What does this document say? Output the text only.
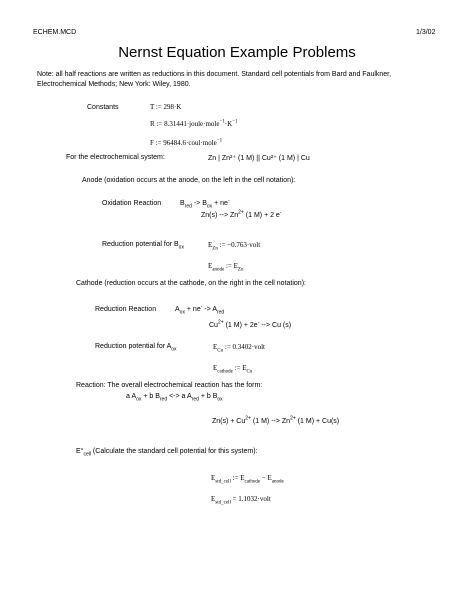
ECHEM.MCD	1/3/02
Nernst Equation Example Problems
Note: all half reactions are written as reductions in this document. Standard cell potentials from Bard and Faulkner, Electrochemical Methods; New York: Wiley, 1980.
Constants	T := 298·K
R := $8.31441\cdot joule\cdot mole^{-1}\cdot K^{-1}$
F := 96484.6·coul·mole$^{-1}$
For the electrochemical system:	Zn | Zn²⁺ (1 M) || Cu²⁺ (1 M) | Cu
Anode (oxidation occurs at the anode, on the left in the cell notation):
Oxidation Reaction	$B_{red} -> B_{ox} + ne^-$
Zn(s) --> $Zn^{2+}$ (1 M) + 2 e-
Reduction potential for $B_{ox}$	$E_{Zn}$ := −0.763·volt
$E_{anode}$ := $E_{Zn}$
Cathode (reduction occurs at the cathode, on the right in the cell notation):
Reduction Reaction	$A_{ox} + ne^- -> A_{red}$
$Cu^{2+}$ (1 M) + 2e- --> Cu (s)
Reduction potential for $A_{ox}$	$E_{Cu}$ := 0.3402·volt
$E_{cathode}$ := $E_{Cu}$
Reaction: The overall electrochemical reaction has the form:
a $A_{ox} + b$ $B_{red}$ <-> a $A_{red} + b$ $B_{ox}$
$Zn(s) + Cu^{2+}$ (1 M) --> $Zn^{2+}$ (1 M) + Cu(s)
$E^\circ_{cell}$ (Calculate the standard cell potential for this system):
$E_{std\_cell}$ := $E_{cathode} - E_{anode}$
$E_{std\_cell}$ = 1.1032·volt
